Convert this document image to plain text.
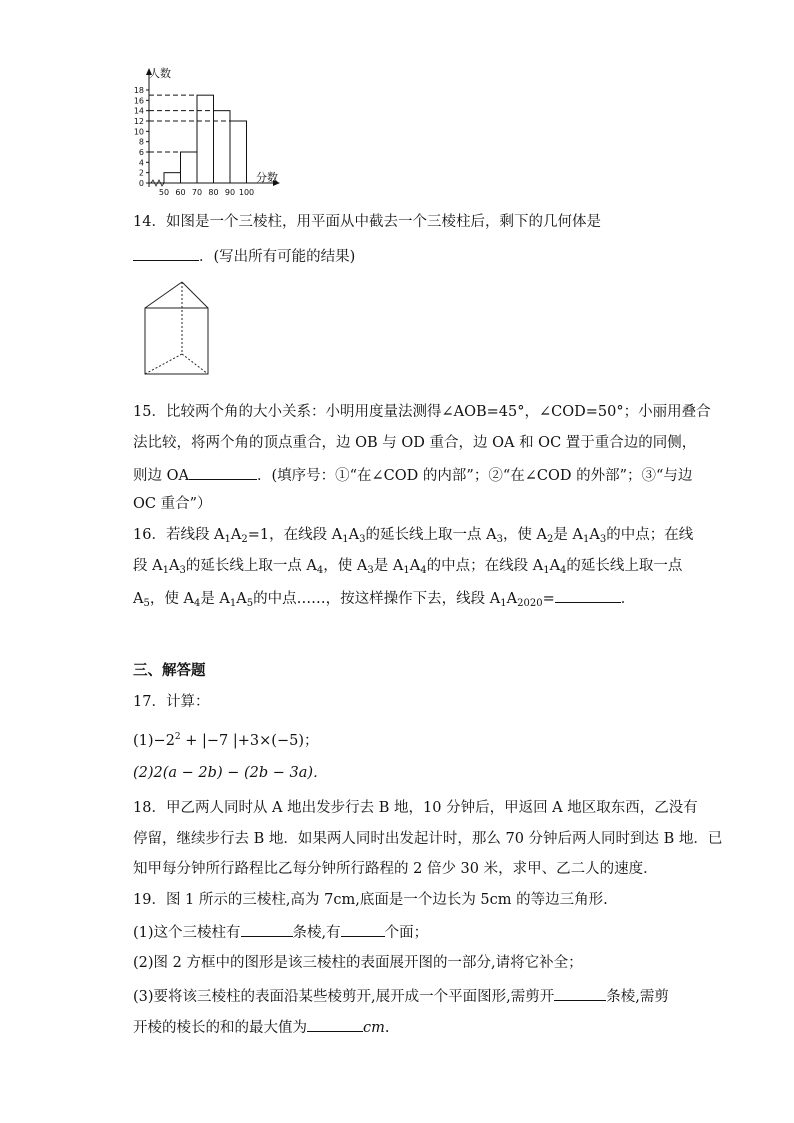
0
2
4
6
8
10
12
14
16
18
50 60 70 80 90 100
人数
分数
14．如图是一个三棱柱，用平面从中截去一个三棱柱后，剩下的几何体是
．(写出所有可能的结果)
15．比较两个角的大小关系：小明用度量法测得∠AOB=45°，∠COD=50°；小丽用叠合
法比较，将两个角的顶点重合，边 OB 与 OD 重合，边 OA 和 OC 置于重合边的同侧，
则边 OA	．(填序号：①“在∠COD 的内部”；②“在∠COD 的外部”；③“与边
OC 重合”）
16．若线段 $A_1A_2=1$，在线段 $A_1A_3$的延长线上取一点 $A_3$，使 $A_2$是 $A_1A_3$的中点；在线
段 $A_1A_3$的延长线上取一点 $A_4$，使 $A_3$是 $A_1A_4$的中点；在线段 $A_1A_4$的延长线上取一点
$A_5$，使 $A_4$是 $A_1A_5$的中点……，按这样操作下去，线段 $A_1A_{2020}=$	．
三、解答题
17．计算：
$(1)-2^2 + |-7$ |+3×(−5)；
(2)2(a − 2b) − (2b − 3a)．
18．甲乙两人同时从 A 地出发步行去 B 地，10 分钟后，甲返回 A 地区取东西，乙没有
停留，继续步行去 B 地．如果两人同时出发起计时，那么 70 分钟后两人同时到达 B 地．已
知甲每分钟所行路程比乙每分钟所行路程的 2 倍少 30 米，求甲、乙二人的速度．
19．图 1 所示的三棱柱,高为 7cm,底面是一个边长为 5cm 的等边三角形.
(1)这个三棱柱有	条棱,有	个面；
(2)图 2 方框中的图形是该三棱柱的表面展开图的一部分,请将它补全；
(3)要将该三棱柱的表面沿某些棱剪开,展开成一个平面图形,需剪开	条棱,需剪
开棱的棱长的和的最大值为	cm.
